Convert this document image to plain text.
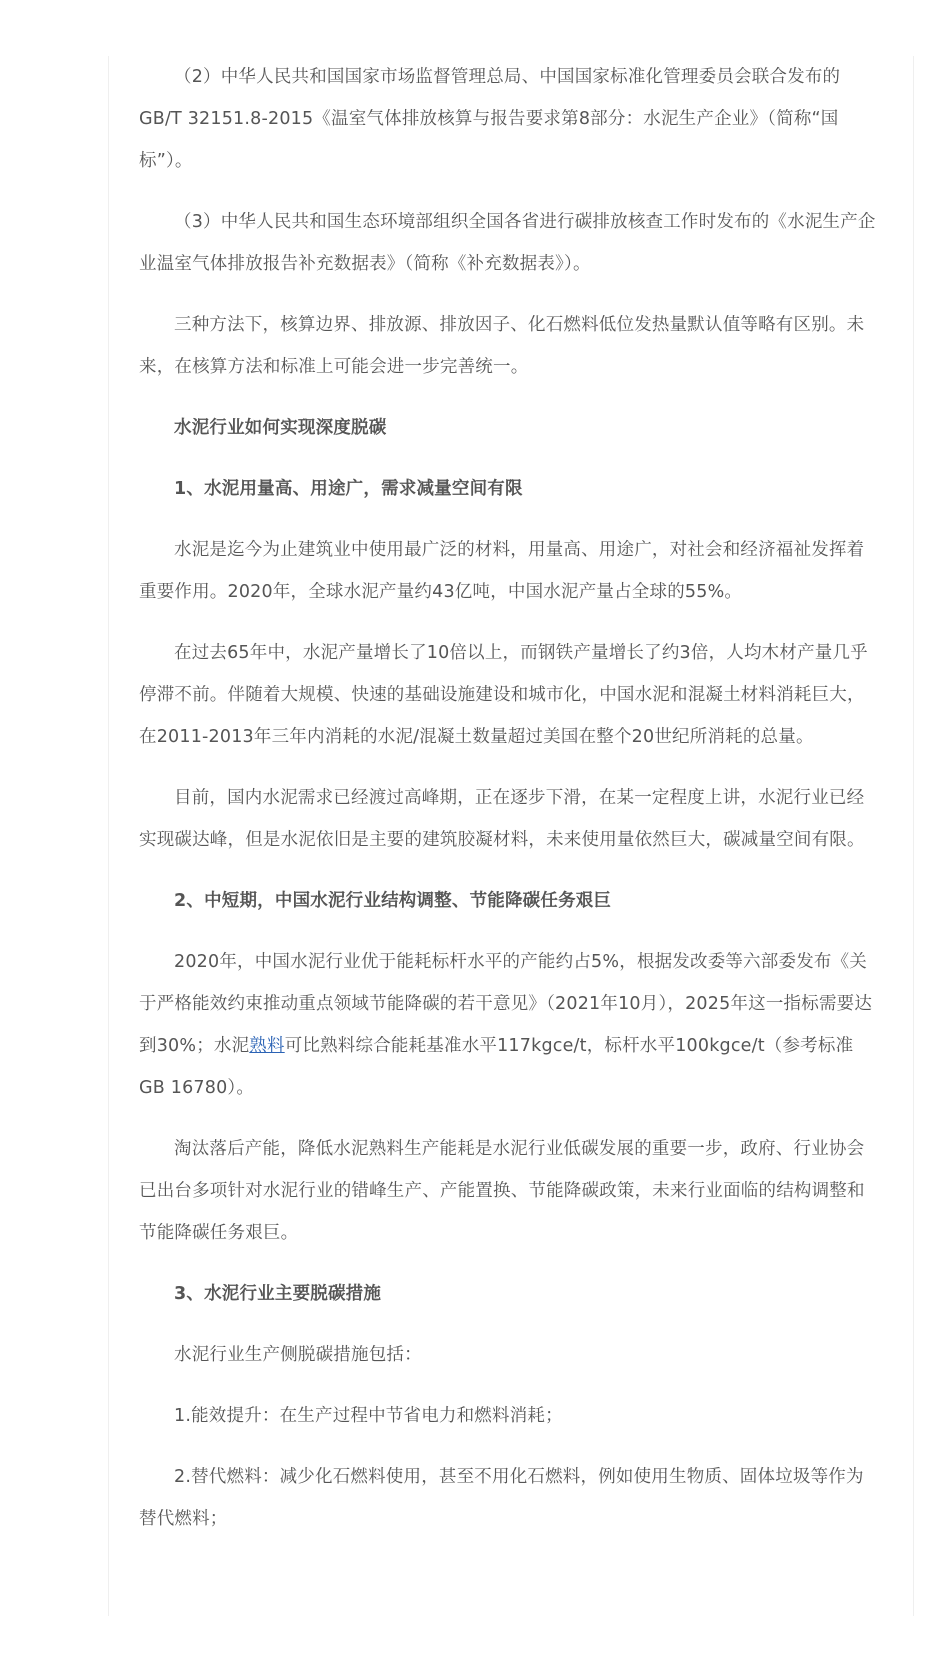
（2）中华人民共和国国家市场监督管理总局、中国国家标准化管理委员会联合发布的GB/T 32151.8-2015《温室气体排放核算与报告要求第8部分：水泥生产企业》（简称“国标”）。

（3）中华人民共和国生态环境部组织全国各省进行碳排放核查工作时发布的《水泥生产企业温室气体排放报告补充数据表》（简称《补充数据表》）。

三种方法下，核算边界、排放源、排放因子、化石燃料低位发热量默认值等略有区别。未来，在核算方法和标准上可能会进一步完善统一。

水泥行业如何实现深度脱碳

1、水泥用量高、用途广，需求减量空间有限

水泥是迄今为止建筑业中使用最广泛的材料，用量高、用途广，对社会和经济福祉发挥着重要作用。2020年，全球水泥产量约43亿吨，中国水泥产量占全球的55%。

在过去65年中，水泥产量增长了10倍以上，而钢铁产量增长了约3倍，人均木材产量几乎停滞不前。伴随着大规模、快速的基础设施建设和城市化，中国水泥和混凝土材料消耗巨大，在2011-2013年三年内消耗的水泥/混凝土数量超过美国在整个20世纪所消耗的总量。

目前，国内水泥需求已经渡过高峰期，正在逐步下滑，在某一定程度上讲，水泥行业已经实现碳达峰，但是水泥依旧是主要的建筑胶凝材料，未来使用量依然巨大，碳减量空间有限。

2、中短期，中国水泥行业结构调整、节能降碳任务艰巨

2020年，中国水泥行业优于能耗标杆水平的产能约占5%，根据发改委等六部委发布《关于严格能效约束推动重点领域节能降碳的若干意见》（2021年10月），2025年这一指标需要达到30%；水泥熟料可比熟料综合能耗基准水平117kgce/t，标杆水平100kgce/t（参考标准GB 16780）。

淘汰落后产能，降低水泥熟料生产能耗是水泥行业低碳发展的重要一步，政府、行业协会已出台多项针对水泥行业的错峰生产、产能置换、节能降碳政策，未来行业面临的结构调整和节能降碳任务艰巨。

3、水泥行业主要脱碳措施

水泥行业生产侧脱碳措施包括：

1.能效提升：在生产过程中节省电力和燃料消耗；

2.替代燃料：减少化石燃料使用，甚至不用化石燃料，例如使用生物质、固体垃圾等作为替代燃料；
